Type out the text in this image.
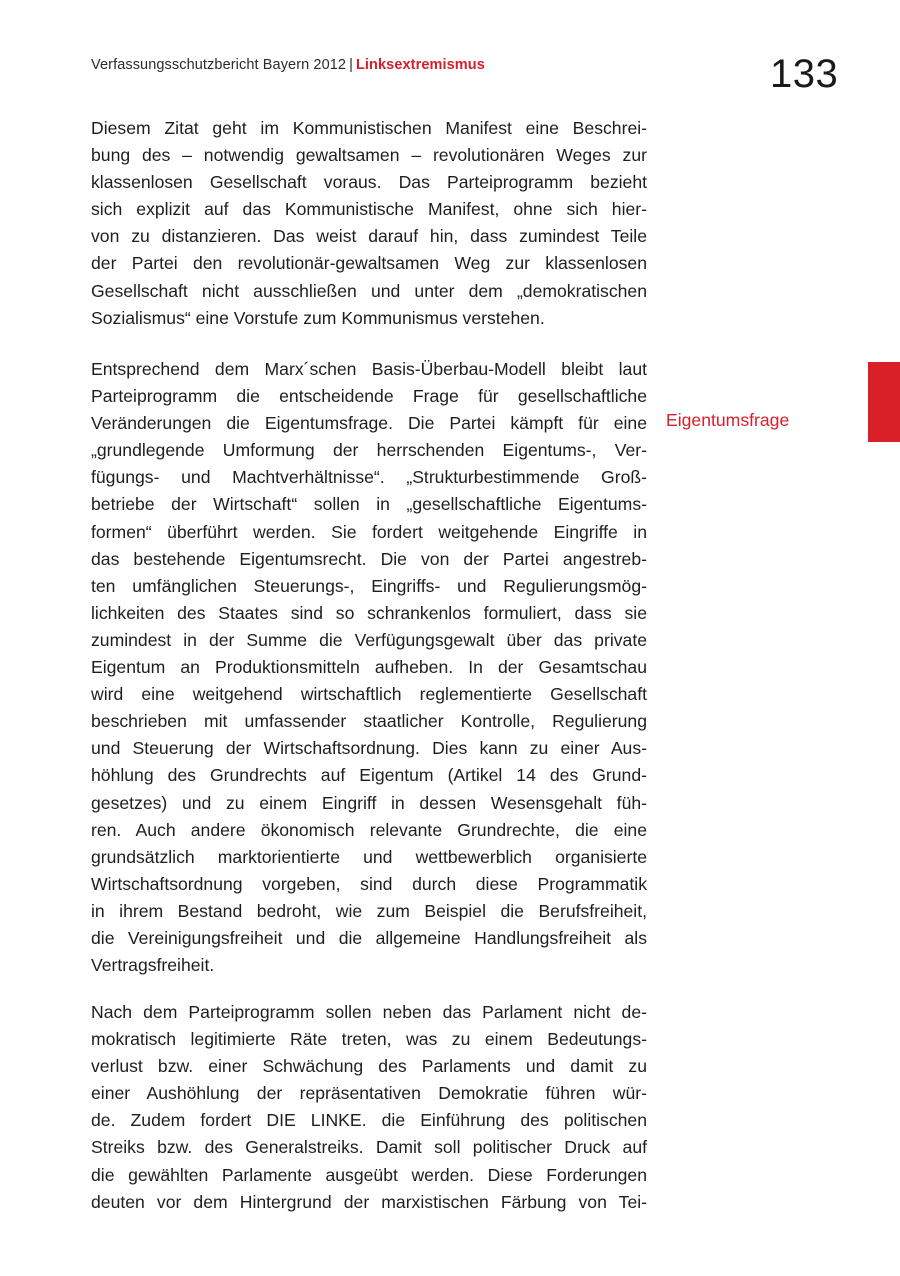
Verfassungsschutzbericht Bayern 2012 | Linksextremismus	133
Eigentumsfrage
Diesem Zitat geht im Kommunistischen Manifest eine Beschrei-
bung des – notwendig gewaltsamen – revolutionären Weges zur
klassenlosen Gesellschaft voraus. Das Parteiprogramm bezieht
sich explizit auf das Kommunistische Manifest, ohne sich hier-
von zu distanzieren. Das weist darauf hin, dass zumindest Teile
der Partei den revolutionär-gewaltsamen Weg zur klassenlosen
Gesellschaft nicht ausschließen und unter dem „demokratischen
Sozialismus“ eine Vorstufe zum Kommunismus verstehen.
Entsprechend dem Marx´schen Basis-Überbau-Modell bleibt laut
Parteiprogramm die entscheidende Frage für gesellschaftliche
Veränderungen die Eigentumsfrage. Die Partei kämpft für eine
„grundlegende Umformung der herrschenden Eigentums-, Ver-
fügungs- und Machtverhältnisse“. „Strukturbestimmende Groß-
betriebe der Wirtschaft“ sollen in „gesellschaftliche Eigentums-
formen“ überführt werden. Sie fordert weitgehende Eingriffe in
das bestehende Eigentumsrecht. Die von der Partei angestreb-
ten umfänglichen Steuerungs-, Eingriffs- und Regulierungsmög-
lichkeiten des Staates sind so schrankenlos formuliert, dass sie
zumindest in der Summe die Verfügungsgewalt über das private
Eigentum an Produktionsmitteln aufheben. In der Gesamtschau
wird eine weitgehend wirtschaftlich reglementierte Gesellschaft
beschrieben mit umfassender staatlicher Kontrolle, Regulierung
und Steuerung der Wirtschaftsordnung. Dies kann zu einer Aus-
höhlung des Grundrechts auf Eigentum (Artikel 14 des Grund-
gesetzes) und zu einem Eingriff in dessen Wesensgehalt füh-
ren. Auch andere ökonomisch relevante Grundrechte, die eine
grundsätzlich marktorientierte und wettbewerblich organisierte
Wirtschaftsordnung vorgeben, sind durch diese Programmatik
in ihrem Bestand bedroht, wie zum Beispiel die Berufsfreiheit,
die Vereinigungsfreiheit und die allgemeine Handlungsfreiheit als
Vertragsfreiheit.
Nach dem Parteiprogramm sollen neben das Parlament nicht de-
mokratisch legitimierte Räte treten, was zu einem Bedeutungs-
verlust bzw. einer Schwächung des Parlaments und damit zu
einer Aushöhlung der repräsentativen Demokratie führen wür-
de. Zudem fordert DIE LINKE. die Einführung des politischen
Streiks bzw. des Generalstreiks. Damit soll politischer Druck auf
die gewählten Parlamente ausgeübt werden. Diese Forderungen
deuten vor dem Hintergrund der marxistischen Färbung von Tei-
